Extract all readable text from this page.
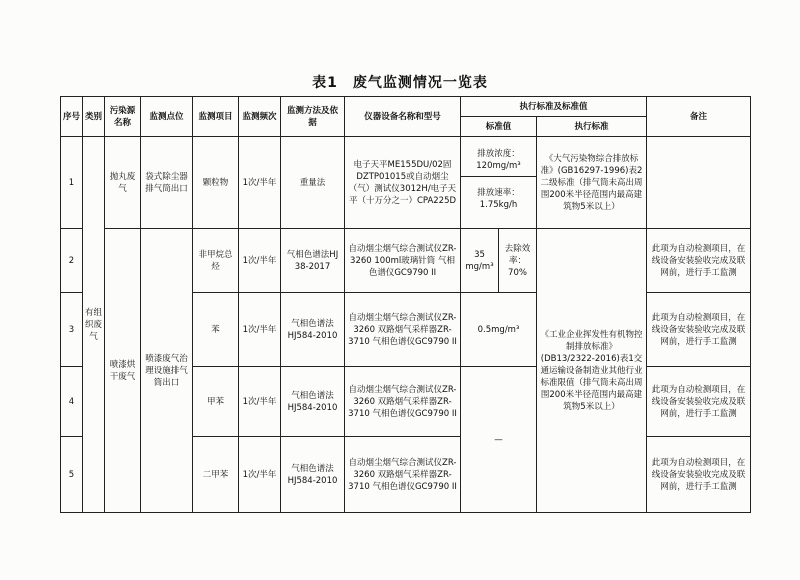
表1　废气监测情况一览表
序号	类别	污染源名称	监测点位	监测项目	监测频次	监测方法及依据	仪器设备名称和型号	执行标准及标准值			备注
								标准值		执行标准	
1	有组织废气	抛丸废气	袋式除尘器排气筒出口	颗粒物	1次/半年	重量法	电子天平ME155DU/02固DZTP01015或自动烟尘（气）测试仪3012H/电子天平（十万分之一）CPA225D	排放浓度：120mg/m³
排放速率：1.75kg/h		《大气污染物综合排放标准》(GB16297-1996)表2二级标准（排气筒未高出周围200米半径范围内最高建筑物5米以上）	
2		喷漆烘干废气	喷漆废气治理设施排气筒出口	非甲烷总烃	1次/半年	气相色谱法HJ 38-2017	自动烟尘烟气综合测试仪ZR-3260 100ml玻璃针筒 气相色谱仪GC9790 II	35 mg/m³	去除效率：70%	《工业企业挥发性有机物控制排放标准》(DB13/2322-2016)表1交通运输设备制造业其他行业标准限值（排气筒未高出周围200米半径范围内最高建筑物5米以上）	此项为自动检测项目，在线设备安装验收完成及联网前，进行手工监测
3				苯	1次/半年	气相色谱法HJ584-2010	自动烟尘烟气综合测试仪ZR-3260 双路烟气采样器ZR-3710 气相色谱仪GC9790 II	0.5mg/m³			此项为自动检测项目，在线设备安装验收完成及联网前，进行手工监测
4				甲苯	1次/半年	气相色谱法HJ584-2010	自动烟尘烟气综合测试仪ZR-3260 双路烟气采样器ZR-3710 气相色谱仪GC9790 II	—			此项为自动检测项目，在线设备安装验收完成及联网前，进行手工监测
5				二甲苯	1次/半年	气相色谱法HJ584-2010	自动烟尘烟气综合测试仪ZR-3260 双路烟气采样器ZR-3710 气相色谱仪GC9790 II				此项为自动检测项目，在线设备安装验收完成及联网前，进行手工监测
